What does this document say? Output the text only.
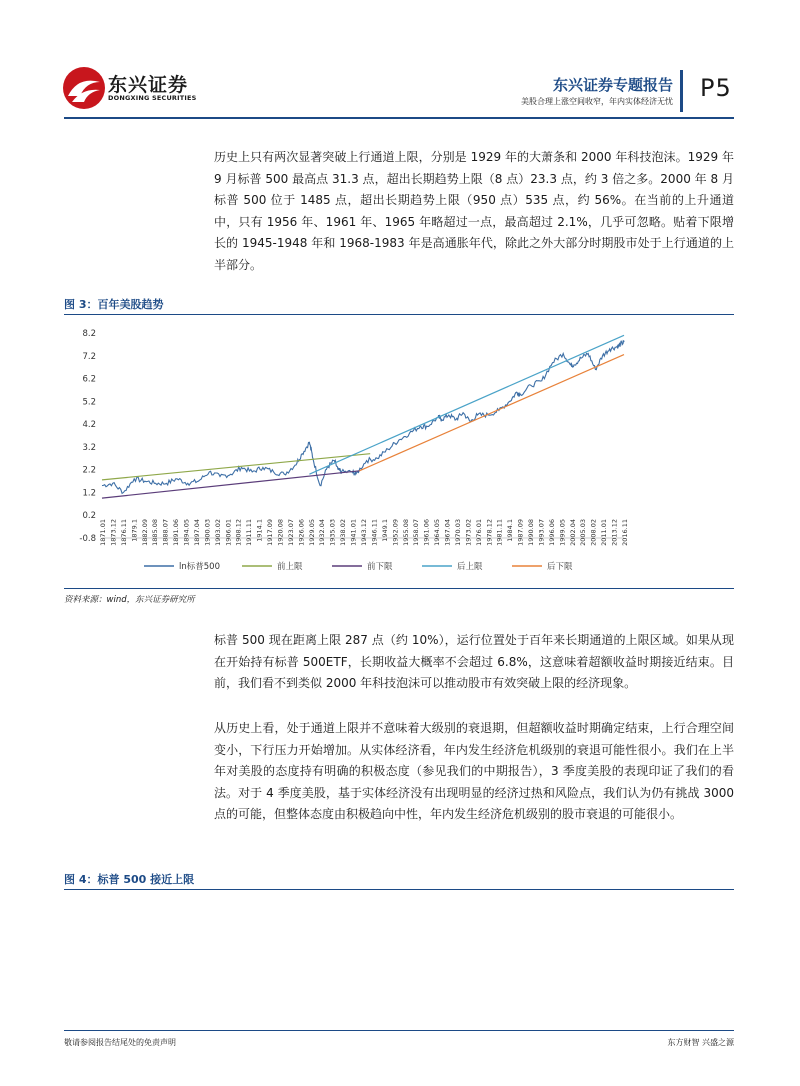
东兴证券
DONGXING SECURITIES
东兴证券专题报告
美股合理上涨空间收窄，年内实体经济无忧 P5
历史上只有两次显著突破上行通道上限，分别是 1929 年的大萧条和 2000 年科技泡沫。1929 年 9 月标普 500 最高点 31.3 点，超出长期趋势上限（8 点）23.3 点，约 3 倍之多。2000 年 8 月标普 500 位于 1485 点，超出长期趋势上限（950 点）535 点，约 56%。在当前的上升通道中，只有 1956 年、1961 年、1965 年略超过一点，最高超过 2.1%，几乎可忽略。贴着下限增长的 1945-1948 年和 1968-1983 年是高通胀年代，除此之外大部分时期股市处于上行通道的上半部分。
图 3：百年美股趋势
8.2
7.2
6.2
5.2
4.2
3.2
2.2
1.2
0.2
-0.8 1871.01 1873.12 1876.11 1879.1 1882.09 1885.08 1888.07 1891.06 1894.05 1897.04 1900.03 1903.02 1906.01 1908.12 1911.11 1914.1 1917.09 1920.08 1923.07 1926.06 1929.05 1932.04 1935.03 1938.02 1941.01 1943.12 1946.11 1949.1 1952.09 1955.08 1958.07 1961.06 1964.05 1967.04 1970.03 1973.02 1976.01 1978.12 1981.11 1984.1 1987.09 1990.08 1993.07 1996.06 1999.05 2002.04 2005.03 2008.02 2011.01 2013.12 2016.11
ln标普500	前上限	前下限	后上限	后下限
资料来源：wind，东兴证券研究所
标普 500 现在距离上限 287 点（约 10%），运行位置处于百年来长期通道的上限区域。如果从现在开始持有标普 500ETF，长期收益大概率不会超过 6.8%，这意味着超额收益时期接近结束。目前，我们看不到类似 2000 年科技泡沫可以推动股市有效突破上限的经济现象。
从历史上看，处于通道上限并不意味着大级别的衰退期，但超额收益时期确定结束，上行合理空间变小，下行压力开始增加。从实体经济看，年内发生经济危机级别的衰退可能性很小。我们在上半年对美股的态度持有明确的积极态度（参见我们的中期报告），3 季度美股的表现印证了我们的看法。对于 4 季度美股，基于实体经济没有出现明显的经济过热和风险点，我们认为仍有挑战 3000 点的可能，但整体态度由积极趋向中性，年内发生经济危机级别的股市衰退的可能很小。
图 4：标普 500 接近上限
敬请参阅报告结尾处的免责声明	东方财智 兴盛之源
